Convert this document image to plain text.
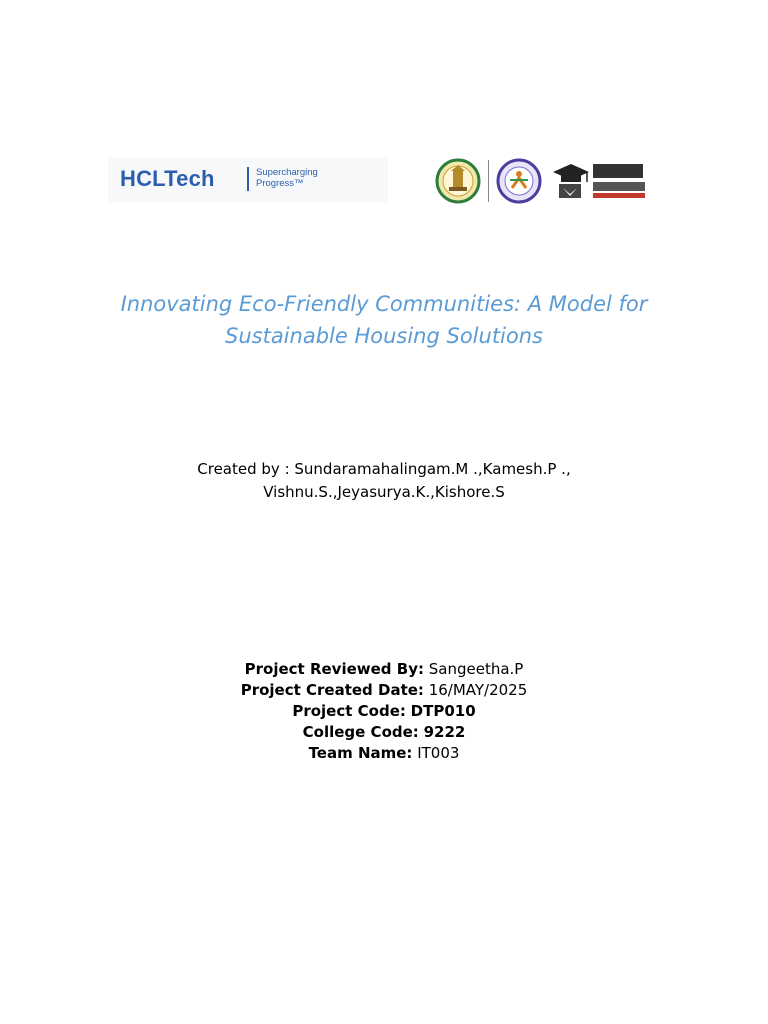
HCLTech	Supercharging
Progress™
Innovating Eco-Friendly Communities: A Model for
Sustainable Housing Solutions
Created by : Sundaramahalingam.M .,Kamesh.P .,
Vishnu.S.,Jeyasurya.K.,Kishore.S
Project Reviewed By: Sangeetha.P
Project Created Date: 16/MAY/2025
Project Code: DTP010
College Code: 9222
Team Name: IT003
